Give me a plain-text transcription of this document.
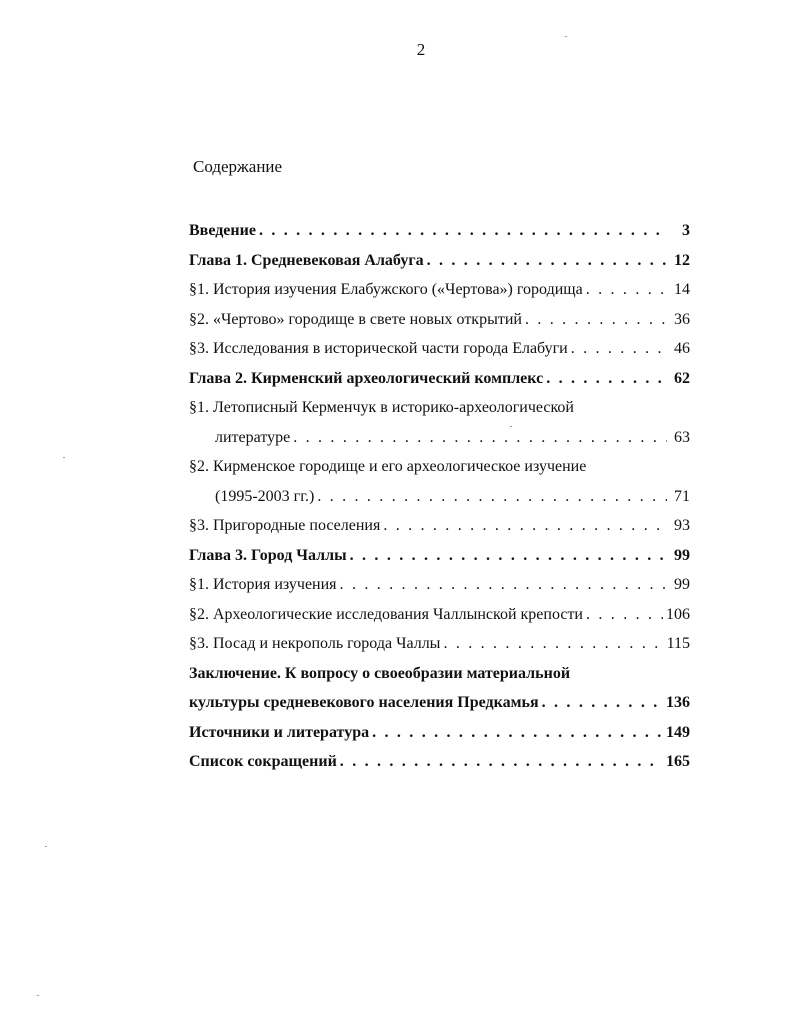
2
Содержание
Введение . . .	3
Глава 1. Средневековая Алабуга . . .	12
§1. История изучения Елабужского («Чертова») городища . . .	14
§2. «Чертово» городище в свете новых открытий . . .	36
§3. Исследования в исторической части города Елабуги . . .	46
Глава 2. Кирменский археологический комплекс . . .	62
§1. Летописный Керменчук в историко-археологической
литературе . . .	63
§2. Кирменское городище и его археологическое изучение
(1995-2003 гг.) . . .	71
§3. Пригородные поселения . . .	93
Глава 3. Город Чаллы . . .	99
§1. История изучения . . .	99
§2. Археологические исследования Чаллынской крепости . . .	106
§3. Посад и некрополь города Чаллы . . .	115
Заключение. К вопросу о своеобразии материальной
культуры средневекового населения Предкамья . . .	136
Источники и литература . . .	149
Список сокращений . . .	165
